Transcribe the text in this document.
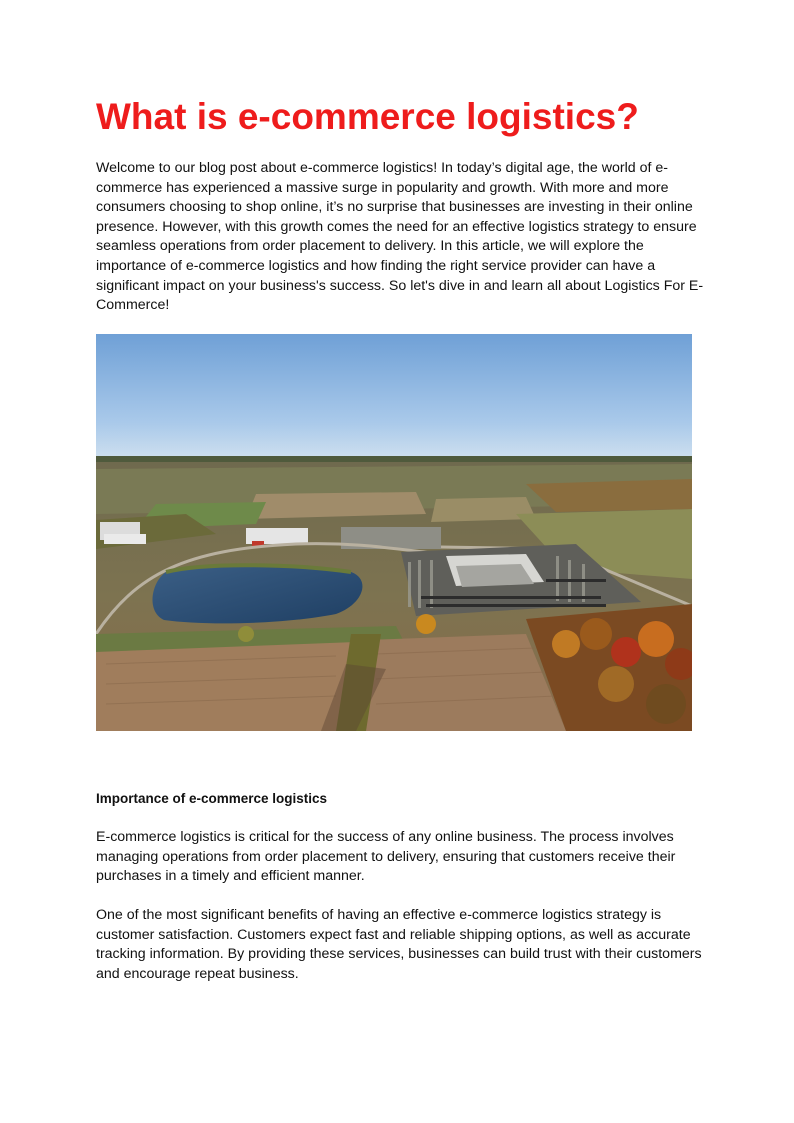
What is e-commerce logistics?

Welcome to our blog post about e-commerce logistics! In today’s digital age, the world of e-commerce has experienced a massive surge in popularity and growth. With more and more consumers choosing to shop online, it’s no surprise that businesses are investing in their online presence. However, with this growth comes the need for an effective logistics strategy to ensure seamless operations from order placement to delivery. In this article, we will explore the importance of e-commerce logistics and how finding the right service provider can have a significant impact on your business's success. So let's dive in and learn all about Logistics For E-Commerce!

Importance of e-commerce logistics

E-commerce logistics is critical for the success of any online business. The process involves managing operations from order placement to delivery, ensuring that customers receive their purchases in a timely and efficient manner.

One of the most significant benefits of having an effective e-commerce logistics strategy is customer satisfaction. Customers expect fast and reliable shipping options, as well as accurate tracking information. By providing these services, businesses can build trust with their customers and encourage repeat business.
